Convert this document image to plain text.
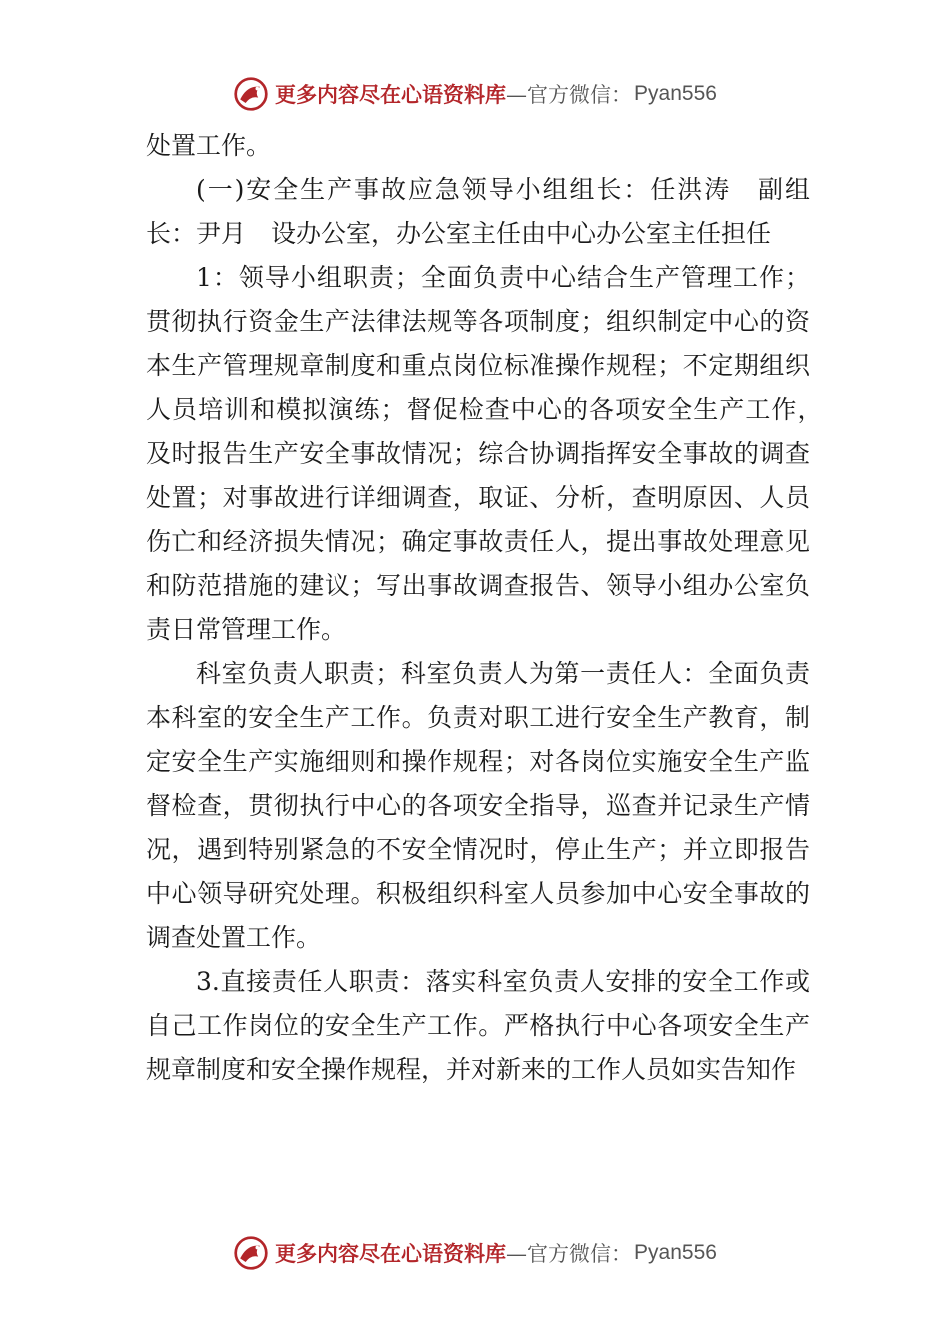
更多内容尽在心语资料库 —官方微信： Pyan556

处置工作。

(一)安全生产事故应急领导小组组长：任洪涛　副组长：尹月　设办公室，办公室主任由中心办公室主任担任

1：领导小组职责；全面负责中心结合生产管理工作；贯彻执行资金生产法律法规等各项制度；组织制定中心的资本生产管理规章制度和重点岗位标准操作规程；不定期组织人员培训和模拟演练；督促检查中心的各项安全生产工作，　及时报告生产安全事故情况；综合协调指挥安全事故的调查处置；对事故进行详细调查，取证、分析，查明原因、人员伤亡和经济损失情况；确定事故责任人，提出事故处理意见和防范措施的建议；写出事故调查报告、领导小组办公室负责日常管理工作。

科室负责人职责；科室负责人为第一责任人：全面负责本科室的安全生产工作。负责对职工进行安全生产教育，制定安全生产实施细则和操作规程；对各岗位实施安全生产监督检查，贯彻执行中心的各项安全指导，巡查并记录生产情况，遇到特别紧急的不安全情况时，停止生产；并立即报告中心领导研究处理。积极组织科室人员参加中心安全事故的调查处置工作。

3.直接责任人职责：落实科室负责人安排的安全工作或自己工作岗位的安全生产工作。严格执行中心各项安全生产规章制度和安全操作规程，并对新来的工作人员如实告知作

更多内容尽在心语资料库 —官方微信： Pyan556
